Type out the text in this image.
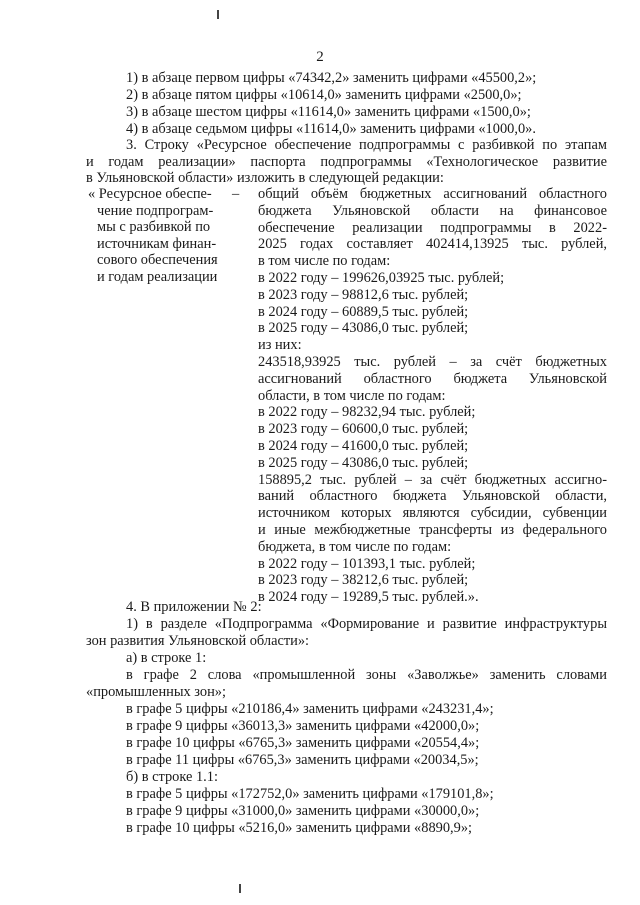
2
1) в абзаце первом цифры «74342,2» заменить цифрами «45500,2»;
2) в абзаце пятом цифры «10614,0» заменить цифрами «2500,0»;
3) в абзаце шестом цифры «11614,0» заменить цифрами «1500,0»;
4) в абзаце седьмом цифры «11614,0» заменить цифрами «1000,0».
3. Строку «Ресурсное обеспечение подпрограммы с разбивкой по этапам
и годам реализации» паспорта подпрограммы «Технологическое развитие
в Ульяновской области» изложить в следующей редакции:
« Ресурсное обеспе-
чение подпрограм-
мы с разбивкой по
источникам финан-
сового обеспечения
и годам реализации
– общий объём бюджетных ассигнований областного
бюджета Ульяновской области на финансовое
обеспечение реализации подпрограммы в 2022-
2025 годах составляет 402414,13925 тыс. рублей,
в том числе по годам:
в 2022 году – 199626,03925 тыс. рублей;
в 2023 году – 98812,6 тыс. рублей;
в 2024 году – 60889,5 тыс. рублей;
в 2025 году – 43086,0 тыс. рублей;
из них:
243518,93925 тыс. рублей – за счёт бюджетных
ассигнований областного бюджета Ульяновской
области, в том числе по годам:
в 2022 году – 98232,94 тыс. рублей;
в 2023 году – 60600,0 тыс. рублей;
в 2024 году – 41600,0 тыс. рублей;
в 2025 году – 43086,0 тыс. рублей;
158895,2 тыс. рублей – за счёт бюджетных ассигно-
ваний областного бюджета Ульяновской области,
источником которых являются субсидии, субвенции
и иные межбюджетные трансферты из федерального
бюджета, в том числе по годам:
в 2022 году – 101393,1 тыс. рублей;
в 2023 году – 38212,6 тыс. рублей;
в 2024 году – 19289,5 тыс. рублей.».
4. В приложении № 2:
1) в разделе «Подпрограмма «Формирование и развитие инфраструктуры
зон развития Ульяновской области»:
а) в строке 1:
в графе 2 слова «промышленной зоны «Заволжье» заменить словами
«промышленных зон»;
в графе 5 цифры «210186,4» заменить цифрами «243231,4»;
в графе 9 цифры «36013,3» заменить цифрами «42000,0»;
в графе 10 цифры «6765,3» заменить цифрами «20554,4»;
в графе 11 цифры «6765,3» заменить цифрами «20034,5»;
б) в строке 1.1:
в графе 5 цифры «172752,0» заменить цифрами «179101,8»;
в графе 9 цифры «31000,0» заменить цифрами «30000,0»;
в графе 10 цифры «5216,0» заменить цифрами «8890,9»;
